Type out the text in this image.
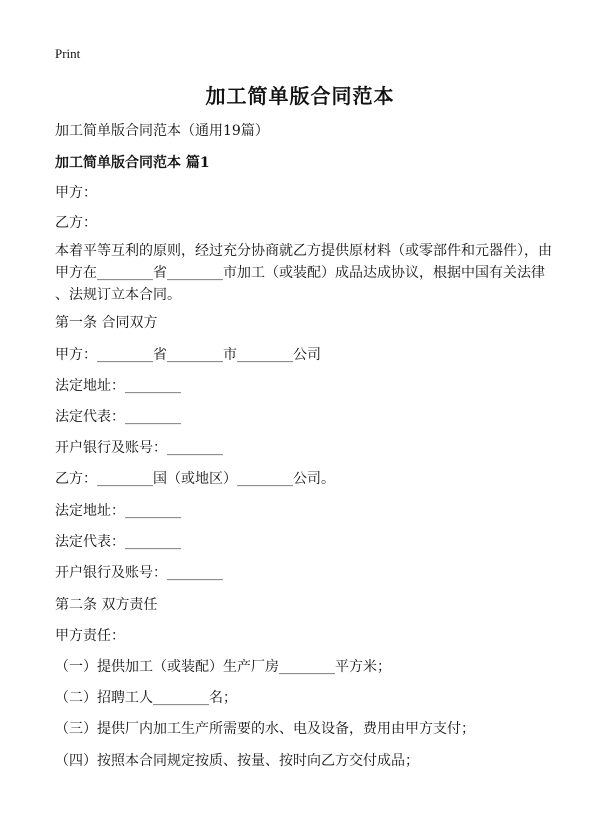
Print
加工简单版合同范本
加工简单版合同范本（通用19篇）
加工简单版合同范本 篇1
甲方：
乙方：
本着平等互利的原则，经过充分协商就乙方提供原材料（或零部件和元器件），由
甲方在________省________市加工（或装配）成品达成协议，根据中国有关法律
、法规订立本合同。
第一条 合同双方
甲方：________省________市________公司
法定地址：________
法定代表：________
开户银行及账号：________
乙方：________国（或地区）________公司。
法定地址：________
法定代表：________
开户银行及账号：________
第二条 双方责任
甲方责任：
（一）提供加工（或装配）生产厂房________平方米；
（二）招聘工人________名；
（三）提供厂内加工生产所需要的水、电及设备，费用由甲方支付；
（四）按照本合同规定按质、按量、按时向乙方交付成品；
